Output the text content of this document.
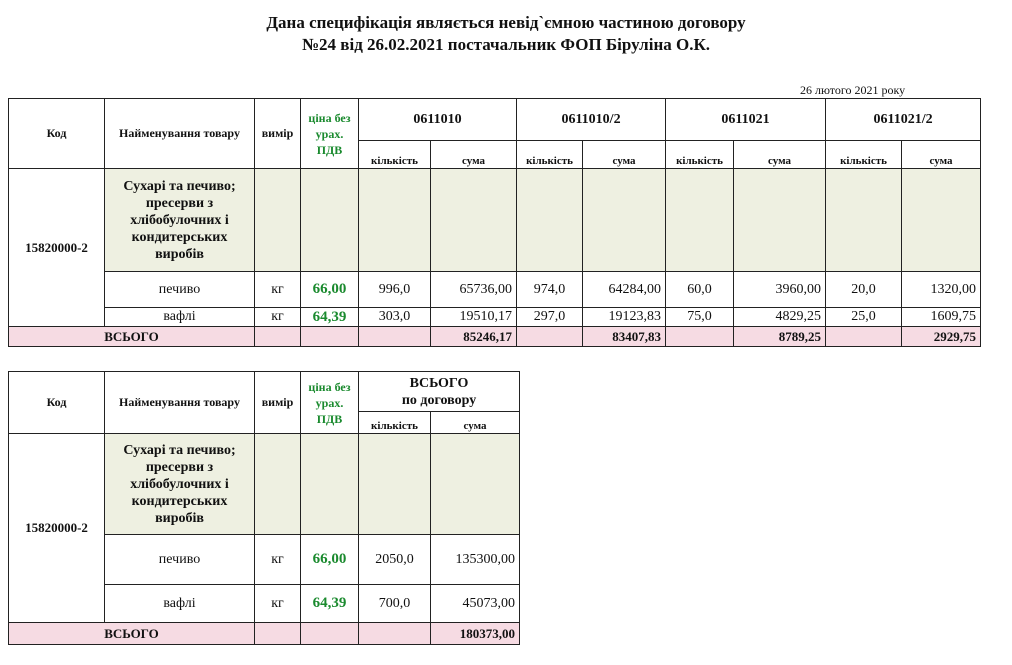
Дана специфікація являється невід`ємною частиною договору
№24 від 26.02.2021 постачальник ФОП Біруліна О.К.
26 лютого 2021 року
Код	Найменування товару	вимір	ціна без урах. ПДВ	0611010		0611010/2		0611021		0611021/2	
				кількість	сума	кількість	сума	кількість	сума	кількість	сума
15820000-2	Сухарі та печиво; пресерви з хлібобулочних і кондитерських виробів										
	печиво	кг	66,00	996,0	65736,00	974,0	64284,00	60,0	3960,00	20,0	1320,00
	вафлі	кг	64,39	303,0	19510,17	297,0	19123,83	75,0	4829,25	25,0	1609,75
ВСЬОГО					85246,17		83407,83		8789,25		2929,75
Код	Найменування товару	вимір	ціна без урах. ПДВ	ВСЬОГО
по договору	

				кількість	сума
15820000-2	Сухарі та печиво; пресерви з хлібобулочних і кондитерських виробів				
	печиво	кг	66,00	2050,0	135300,00
	вафлі	кг	64,39	700,0	45073,00
ВСЬОГО					180373,00
